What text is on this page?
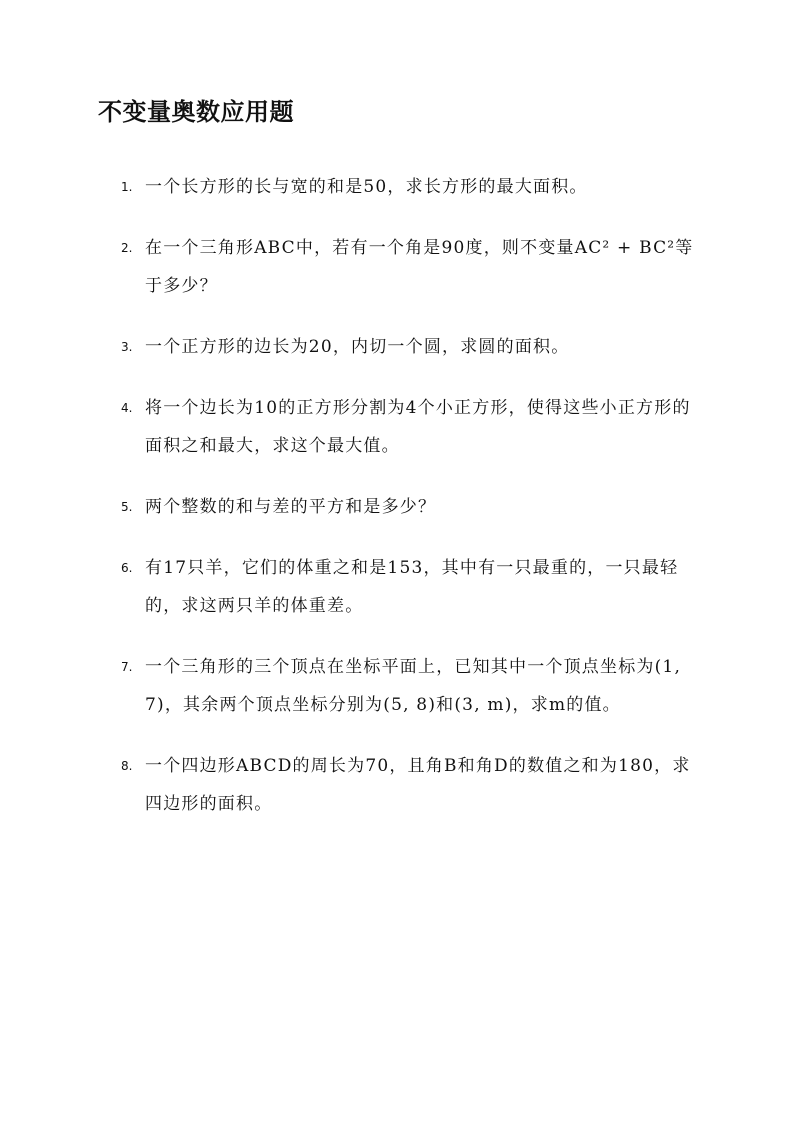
不变量奥数应用题
1. 一个长方形的长与宽的和是50，求长方形的最大面积。
2. 在一个三角形ABC中，若有一个角是90度，则不变量AC² + BC²等于多少？
3. 一个正方形的边长为20，内切一个圆，求圆的面积。
4. 将一个边长为10的正方形分割为4个小正方形，使得这些小正方形的面积之和最大，求这个最大值。
5. 两个整数的和与差的平方和是多少？
6. 有17只羊，它们的体重之和是153，其中有一只最重的，一只最轻的，求这两只羊的体重差。
7. 一个三角形的三个顶点在坐标平面上，已知其中一个顶点坐标为(1, 7)，其余两个顶点坐标分别为(5, 8)和(3, m)，求m的值。
8. 一个四边形ABCD的周长为70，且角B和角D的数值之和为180，求四边形的面积。
